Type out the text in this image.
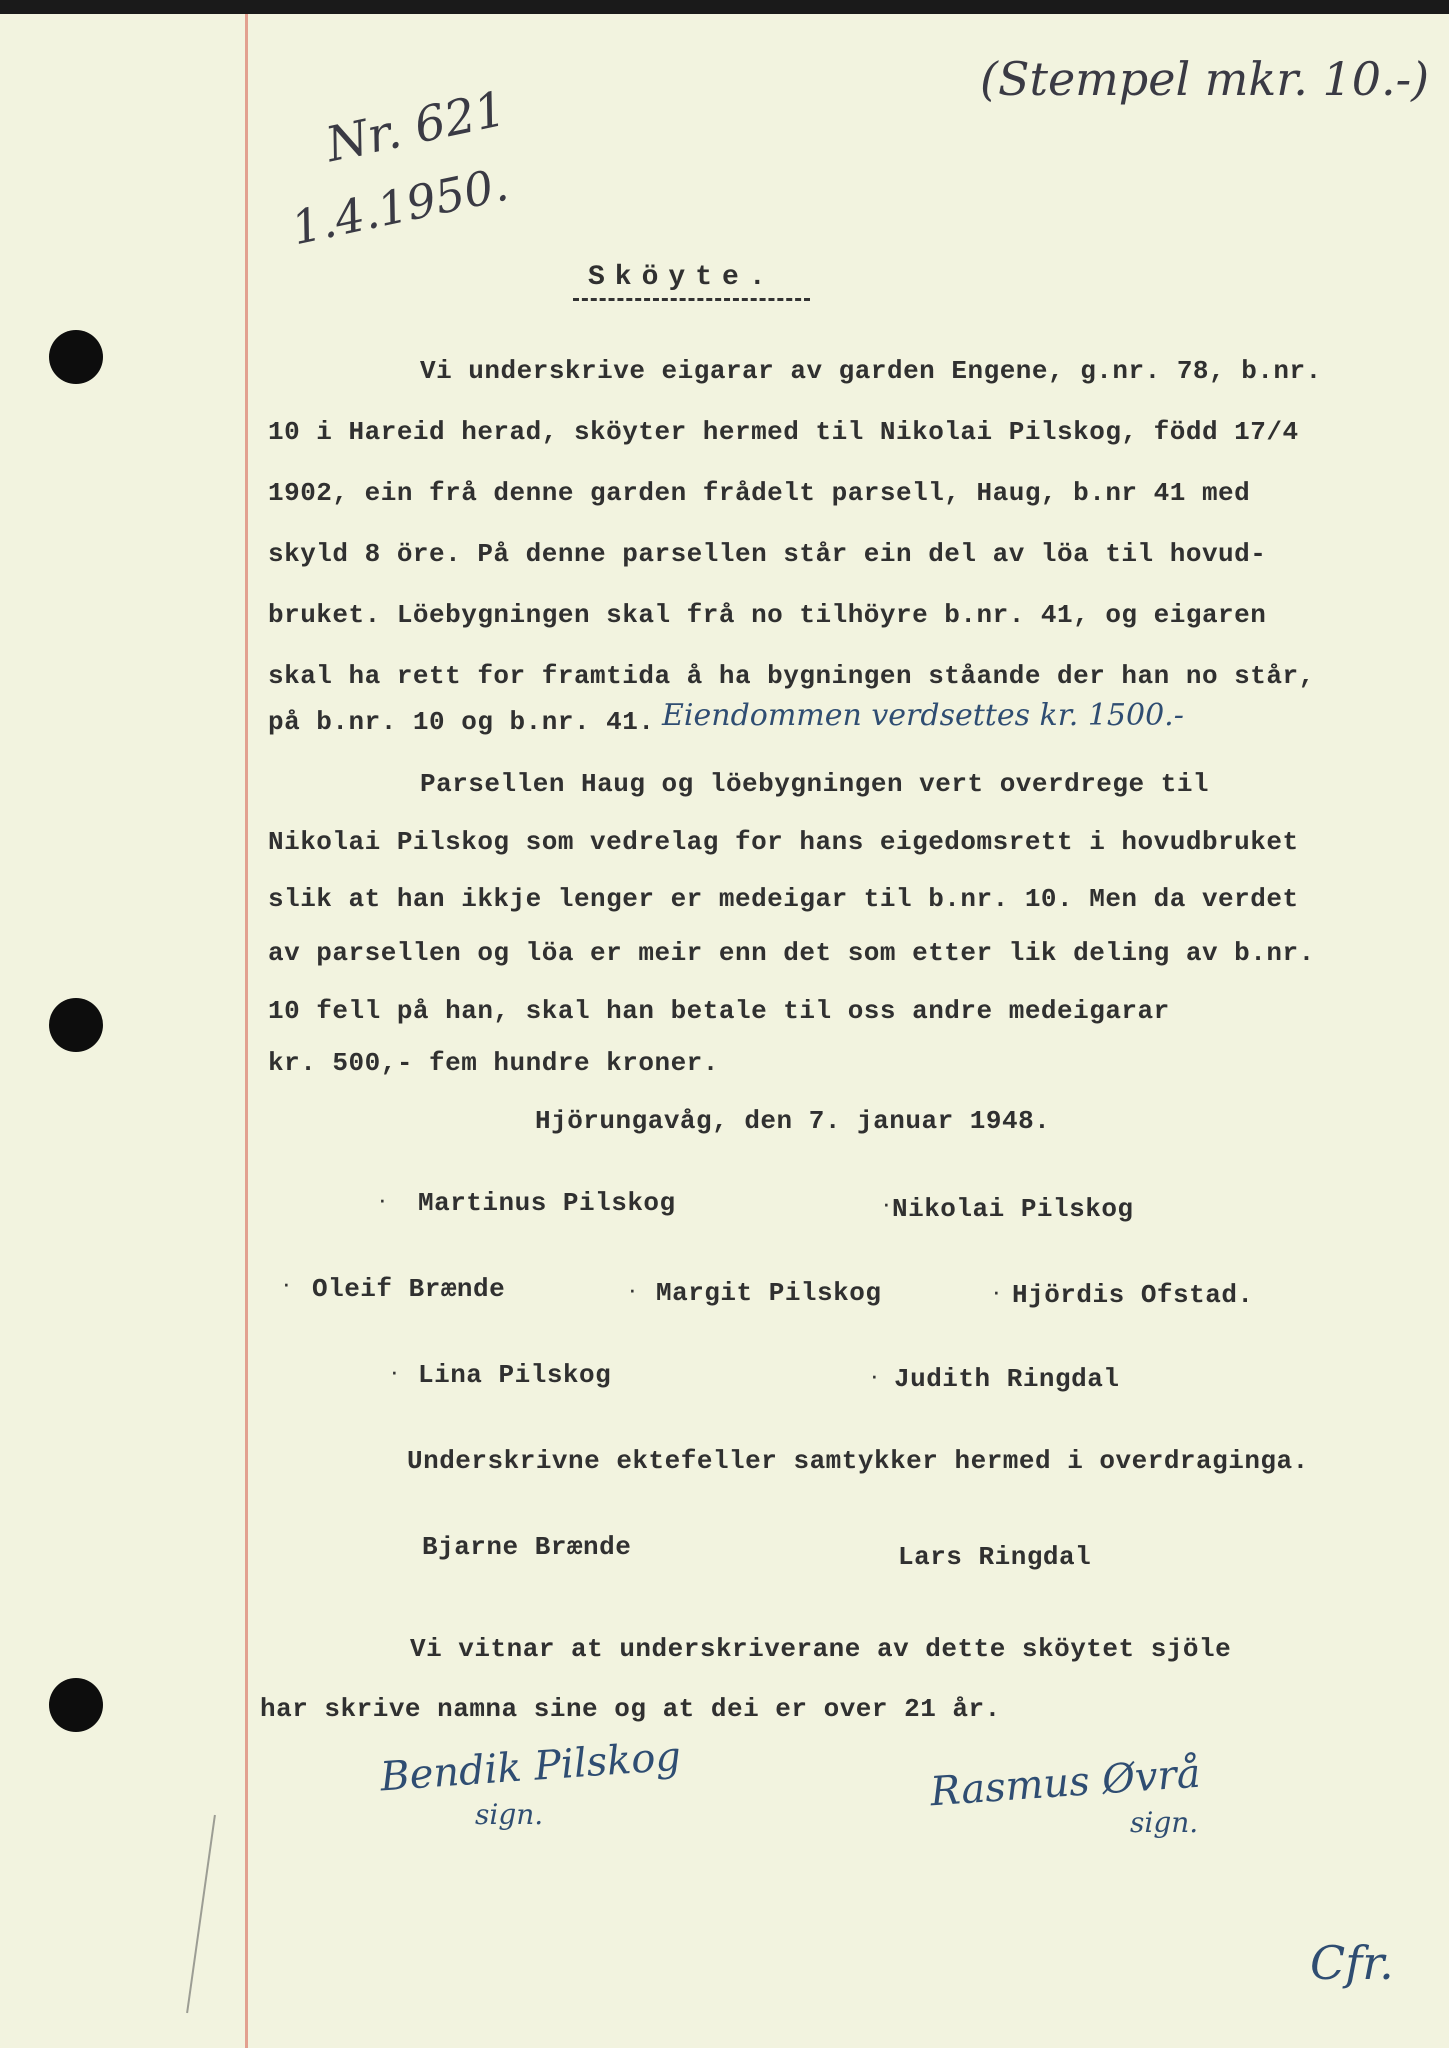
(Stempel mkr. 10.-)
Nr. 621
1.4.1950.
Sköyte.
Vi underskrive eigarar av garden Engene, g.nr. 78, b.nr.
10 i Hareid herad, sköyter hermed til Nikolai Pilskog, född 17/4
1902, ein frå denne garden frådelt parsell, Haug, b.nr 41 med
skyld 8 öre. På denne parsellen står ein del av löa til hovud-
bruket. Löebygningen skal frå no tilhöyre b.nr. 41, og eigaren
skal ha rett for framtida å ha bygningen ståande der han no står,
på b.nr. 10 og b.nr. 41. Eiendommen verdsettes kr. 1500.-
Parsellen Haug og löebygningen vert overdrege til
Nikolai Pilskog som vedrelag for hans eigedomsrett i hovudbruket
slik at han ikkje lenger er medeigar til b.nr. 10. Men da verdet
av parsellen og löa er meir enn det som etter lik deling av b.nr.
10 fell på han, skal han betale til oss andre medeigarar
kr. 500,- fem hundre kroner.
Hjörungavåg, den 7. januar 1948.
· Martinus Pilskog	· Nikolai Pilskog
· Oleif Brænde	· Margit Pilskog	· Hjördis Ofstad.
· Lina Pilskog	· Judith Ringdal
Underskrivne ektefeller samtykker hermed i overdraginga.
Bjarne Brænde	Lars Ringdal
Vi vitnar at underskriverane av dette sköytet sjöle
har skrive namna sine og at dei er over 21 år.
Bendik Pilskog
sign.	Rasmus Øvrå
sign.
Cfr.
